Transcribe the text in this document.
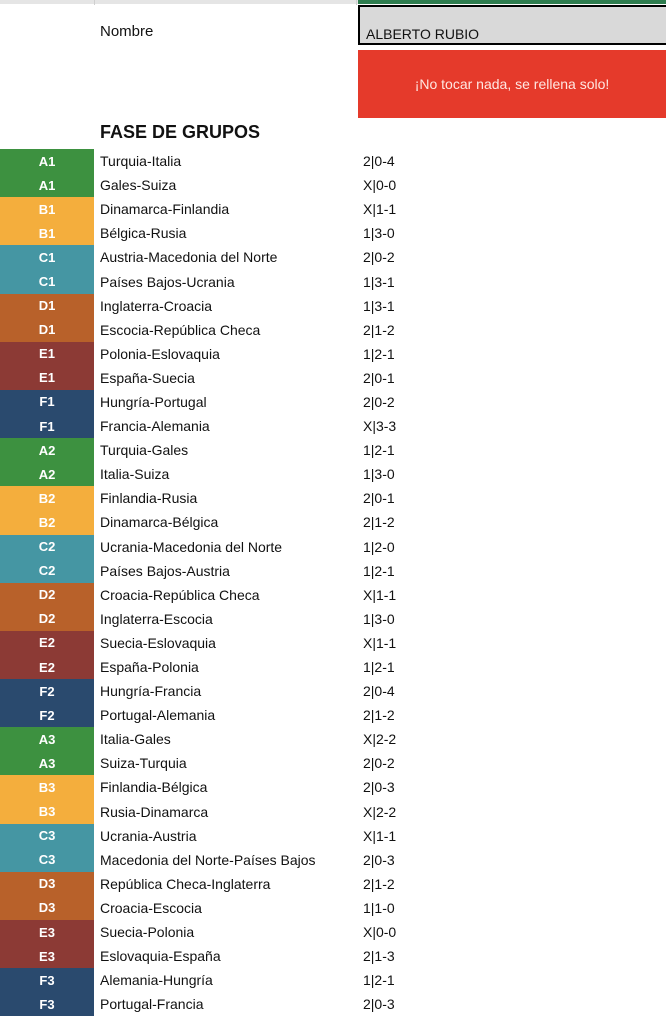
Nombre	ALBERTO RUBIO
¡No tocar nada, se rellena solo!
FASE DE GRUPOS
A1	Turquia-Italia	2|0-4
A1	Gales-Suiza	X|0-0
B1	Dinamarca-Finlandia	X|1-1
B1	Bélgica-Rusia	1|3-0
C1	Austria-Macedonia del Norte	2|0-2
C1	Países Bajos-Ucrania	1|3-1
D1	Inglaterra-Croacia	1|3-1
D1	Escocia-República Checa	2|1-2
E1	Polonia-Eslovaquia	1|2-1
E1	España-Suecia	2|0-1
F1	Hungría-Portugal	2|0-2
F1	Francia-Alemania	X|3-3
A2	Turquia-Gales	1|2-1
A2	Italia-Suiza	1|3-0
B2	Finlandia-Rusia	2|0-1
B2	Dinamarca-Bélgica	2|1-2
C2	Ucrania-Macedonia del Norte	1|2-0
C2	Países Bajos-Austria	1|2-1
D2	Croacia-República Checa	X|1-1
D2	Inglaterra-Escocia	1|3-0
E2	Suecia-Eslovaquia	X|1-1
E2	España-Polonia	1|2-1
F2	Hungría-Francia	2|0-4
F2	Portugal-Alemania	2|1-2
A3	Italia-Gales	X|2-2
A3	Suiza-Turquia	2|0-2
B3	Finlandia-Bélgica	2|0-3
B3	Rusia-Dinamarca	X|2-2
C3	Ucrania-Austria	X|1-1
C3	Macedonia del Norte-Países Bajos	2|0-3
D3	República Checa-Inglaterra	2|1-2
D3	Croacia-Escocia	1|1-0
E3	Suecia-Polonia	X|0-0
E3	Eslovaquia-España	2|1-3
F3	Alemania-Hungría	1|2-1
F3	Portugal-Francia	2|0-3
